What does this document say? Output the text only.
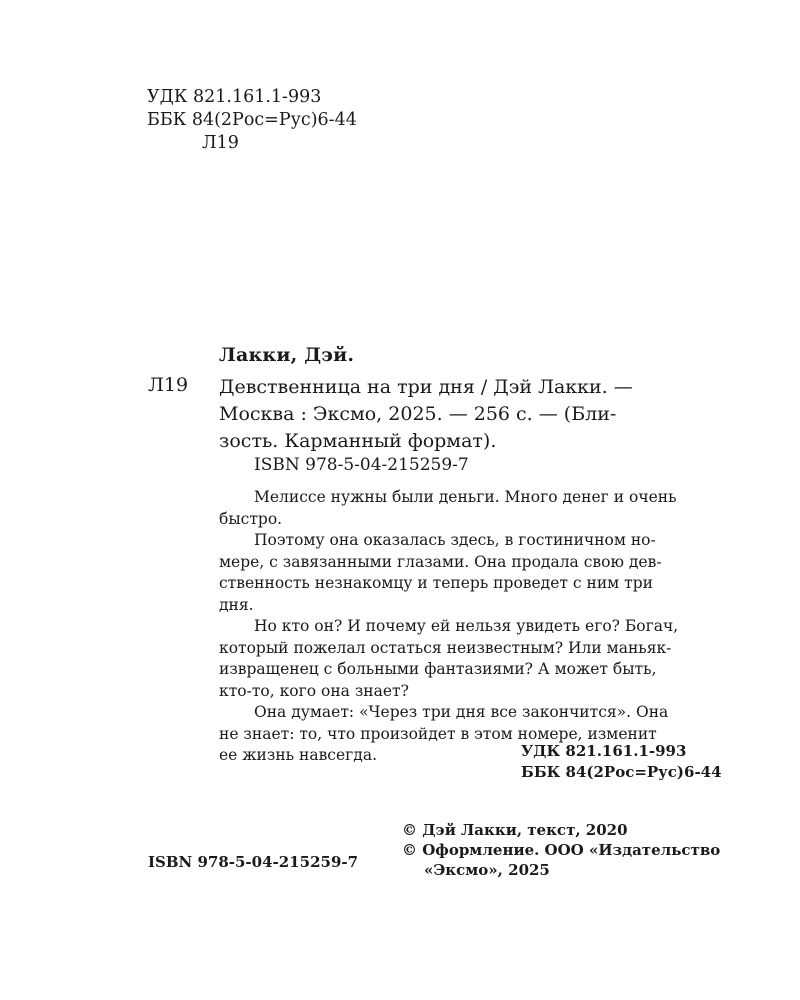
УДК 821.161.1-993
ББК 84(2Рос=Рус)6-44
Л19
Лакки, Дэй.
Л19 Девственница на три дня / Дэй Лакки. —
Москва : Эксмо, 2025. — 256 с. — (Бли-
зость. Карманный формат).
ISBN 978-5-04-215259-7

Мелиссе нужны были деньги. Много денег и очень
быстро.

Поэтому она оказалась здесь, в гостиничном но-
мере, с завязанными глазами. Она продала свою дев-
ственность незнакомцу и теперь проведет с ним три
дня.

Но кто он? И почему ей нельзя увидеть его? Богач,
который пожелал остаться неизвестным? Или маньяк-
извращенец с больными фантазиями? А может быть,
кто-то, кого она знает?

Она думает: «Через три дня все закончится». Она
не знает: то, что произойдет в этом номере, изменит
ее жизнь навсегда.	УДК 821.161.1-993
ББК 84(2Рос=Рус)6-44
© Дэй Лакки, текст, 2020
© Оформление. ООО «Издательство
«Эксмо», 2025
ISBN 978-5-04-215259-7
